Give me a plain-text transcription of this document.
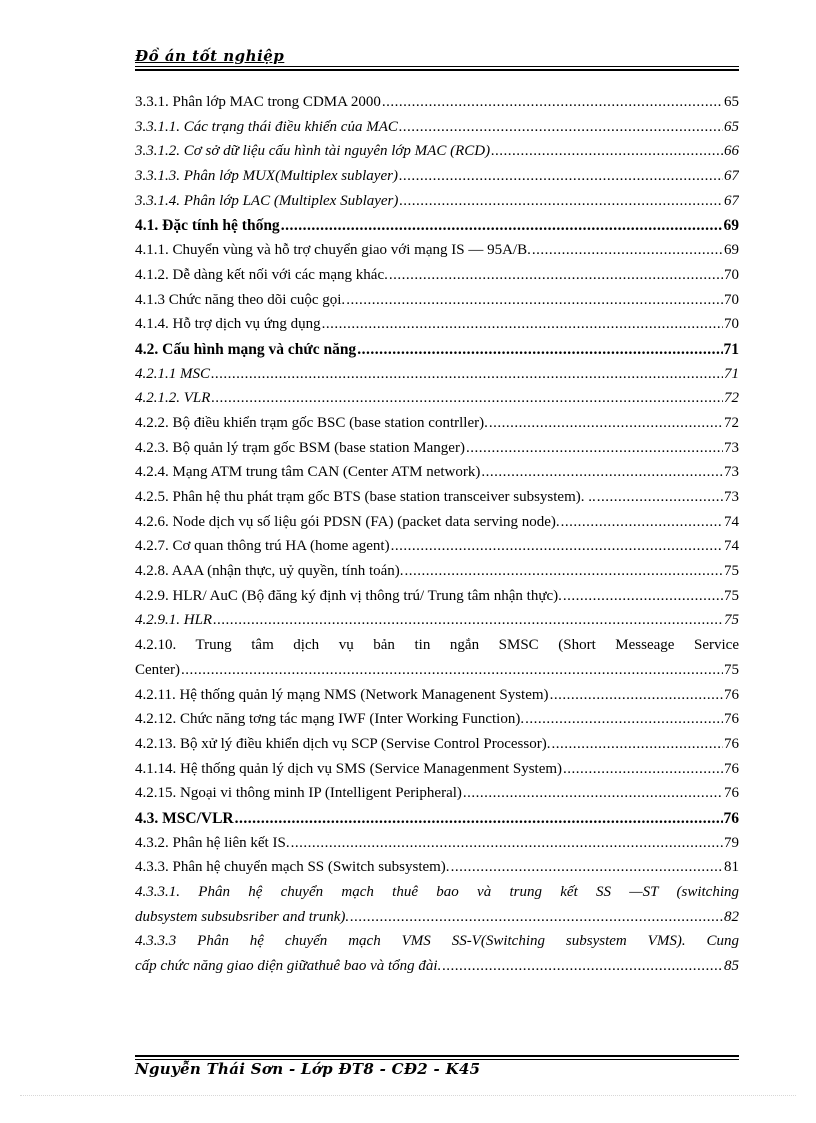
Đồ án tốt nghiệp
3.3.1. Phân lớp MAC trong CDMA 2000 .....	65
3.3.1.1. Các trạng thái điều khiển của MAC .....	65
3.3.1.2. Cơ sở dữ liệu cấu hình tài nguyên lớp MAC (RCD) .....	66
3.3.1.3. Phân lớp MUX(Multiplex sublayer) .....	67
3.3.1.4. Phân lớp LAC (Multiplex Sublayer) .....	67
4.1. Đặc tính hệ thống .....	69
4.1.1. Chuyển vùng và hỗ trợ chuyển giao với mạng IS — 95A/B. .....	69
4.1.2. Dễ dàng kết nối với các mạng khác. .....	70
4.1.3 Chức năng theo dõi cuộc gọi. .....	70
4.1.4. Hỗ trợ dịch vụ ứng dụng .....	70
4.2. Cấu hình mạng và chức năng .....	71
4.2.1.1 MSC .....	71
4.2.1.2. VLR .....	72
4.2.2. Bộ điều khiển trạm gốc BSC (base station contrller). .....	72
4.2.3. Bộ quản lý trạm gốc BSM (base station Manger) .....	73
4.2.4. Mạng ATM trung tâm CAN (Center ATM network) .....	73
4.2.5. Phân hệ thu phát trạm gốc BTS (base station transceiver subsystem). .. .....	73
4.2.6. Node dịch vụ số liệu gói PDSN (FA) (packet data serving node). .....	74
4.2.7. Cơ quan thông trú HA (home agent) .....	74
4.2.8. AAA (nhận thực, uỷ quyền, tính toán). .....	75
4.2.9. HLR/ AuC (Bộ đăng ký định vị thông trú/ Trung tâm nhận thực). .....	75
4.2.9.1. HLR .....	75
4.2.10. Trung tâm dịch vụ bản tin ngắn SMSC (Short Messeage Service
Center) .....	75
4.2.11. Hệ thống quản lý mạng NMS (Network Managenent System) .....	76
4.2.12. Chức năng tơng tác mạng IWF (Inter Working Function). .....	76
4.2.13. Bộ xử lý điều khiển dịch vụ SCP (Servise Control Processor). .....	76
4.1.14. Hệ thống quản lý dịch vụ SMS (Service Managenment System) .....	76
4.2.15. Ngoại vi thông minh IP (Intelligent Peripheral) .....	76
4.3. MSC/VLR .....	76
4.3.2. Phân hệ liên kết IS. .....	79
4.3.3. Phân hệ chuyển mạch SS (Switch subsystem). .....	81
4.3.3.1. Phân hệ chuyển mạch thuê bao và trung kết SS —ST (switching
dubsystem subsubsriber and trunk). .....	82
4.3.3.3 Phân hệ chuyển mạch VMS SS-V(Switching subsystem VMS). Cung
cấp chức năng giao diện giữathuê bao và tổng đài. .....	85
Nguyễn Thái Sơn - Lớp ĐT8 - CĐ2 - K45
